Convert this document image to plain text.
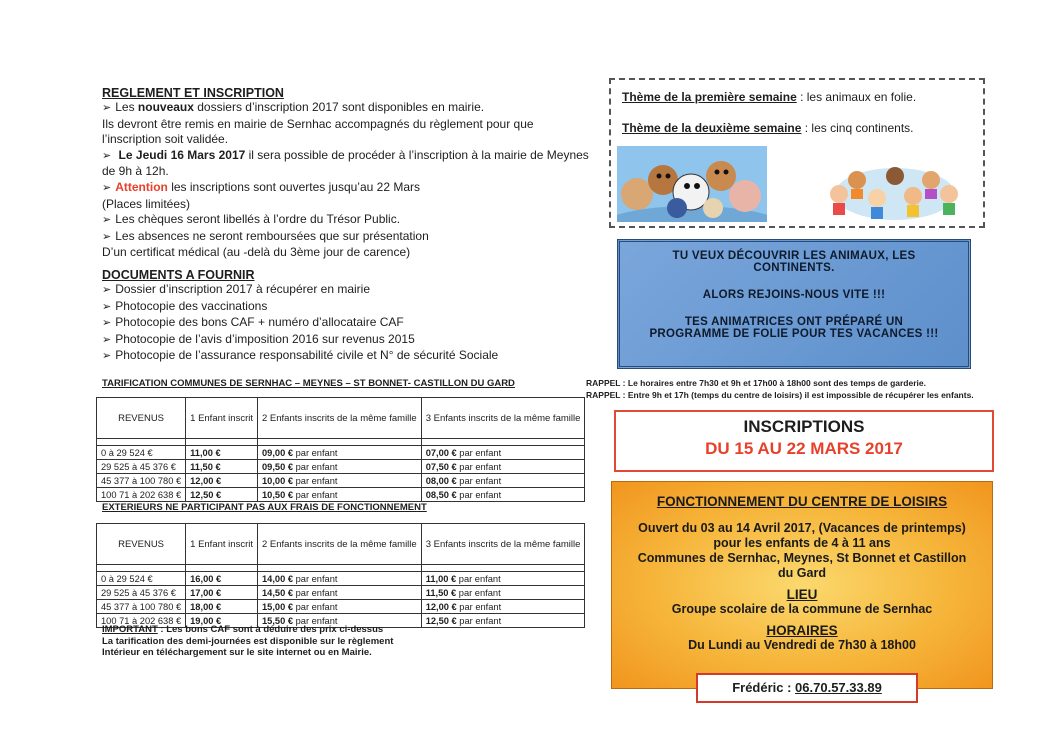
REGLEMENT ET INSCRIPTION
➢ Les nouveaux dossiers d’inscription 2017 sont disponibles en mairie.
Ils devront être remis en mairie de Sernhac accompagnés du règlement pour que
l’inscription soit validée.
➢ Le Jeudi 16 Mars 2017 il sera possible de procéder à l’inscription à la mairie de Meynes
de 9h à 12h.
➢ Attention les inscriptions sont ouvertes jusqu’au 22 Mars
(Places limitées)
➢ Les chèques seront libellés à l’ordre du Trésor Public.
➢ Les absences ne seront remboursées que sur présentation
D’un certificat médical (au -delà du 3ème jour de carence)
DOCUMENTS A FOURNIR
➢ Dossier d’inscription 2017 à récupérer en mairie
➢ Photocopie des vaccinations
➢ Photocopie des bons CAF + numéro d’allocataire CAF
➢ Photocopie de l’avis d’imposition 2016 sur revenus 2015
➢ Photocopie de l’assurance responsabilité civile et N° de sécurité Sociale
TARIFICATION COMMUNES DE SERNHAC – MEYNES – ST BONNET- CASTILLON DU GARD
REVENUS	1 Enfant inscrit	2 Enfants inscrits de la même famille	3 Enfants inscrits de la même famille

0 à 29 524 €	11,00 €	09,00 € par enfant	07,00 € par enfant
29 525 à 45 376 €	11,50 €	09,50 € par enfant	07,50 € par enfant
45 377 à 100 780 €	12,00 €	10,00 € par enfant	08,00 € par enfant
100 71 à 202 638 €	12,50 €	10,50 € par enfant	08,50 € par enfant
EXTERIEURS NE PARTICIPANT PAS AUX FRAIS DE FONCTIONNEMENT
REVENUS	1 Enfant inscrit	2 Enfants inscrits de la même famille	3 Enfants inscrits de la même famille

0 à 29 524 €	16,00 €	14,00 € par enfant	11,00 € par enfant
29 525 à 45 376 €	17,00 €	14,50 € par enfant	11,50 € par enfant
45 377 à 100 780 €	18,00 €	15,00 € par enfant	12,00 € par enfant
100 71 à 202 638 €	19,00 €	15,50 € par enfant	12,50 € par enfant
IMPORTANT : Les bons CAF sont à déduire des prix ci-dessus
La tarification des demi-journées est disponible sur le règlement
Intérieur en téléchargement sur le site internet ou en Mairie.
Thème de la première semaine : les animaux en folie.
Thème de la deuxième semaine : les cinq continents.

TU VEUX DÉCOUVRIR LES ANIMAUX, LES

CONTINENTS.

ALORS REJOINS-NOUS VITE !!!

TES ANIMATRICES ONT PRÉPARÉ UN

PROGRAMME DE FOLIE POUR TES VACANCES !!!

RAPPEL : Le horaires entre 7h30 et 9h et 17h00 à 18h00 sont des temps de garderie.
RAPPEL : Entre 9h et 17h (temps du centre de loisirs) il est impossible de récupérer les enfants.
INSCRIPTIONS
DU 15 AU 22 MARS 2017
FONCTIONNEMENT DU CENTRE DE LOISIRS
Ouvert du 03 au 14 Avril 2017, (Vacances de printemps)
pour les enfants de 4 à 11 ans
Communes de Sernhac, Meynes, St Bonnet et Castillon
du Gard
LIEU
Groupe scolaire de la commune de Sernhac
HORAIRES
Du Lundi au Vendredi de 7h30 à 18h00
Frédéric : 06.70.57.33.89
